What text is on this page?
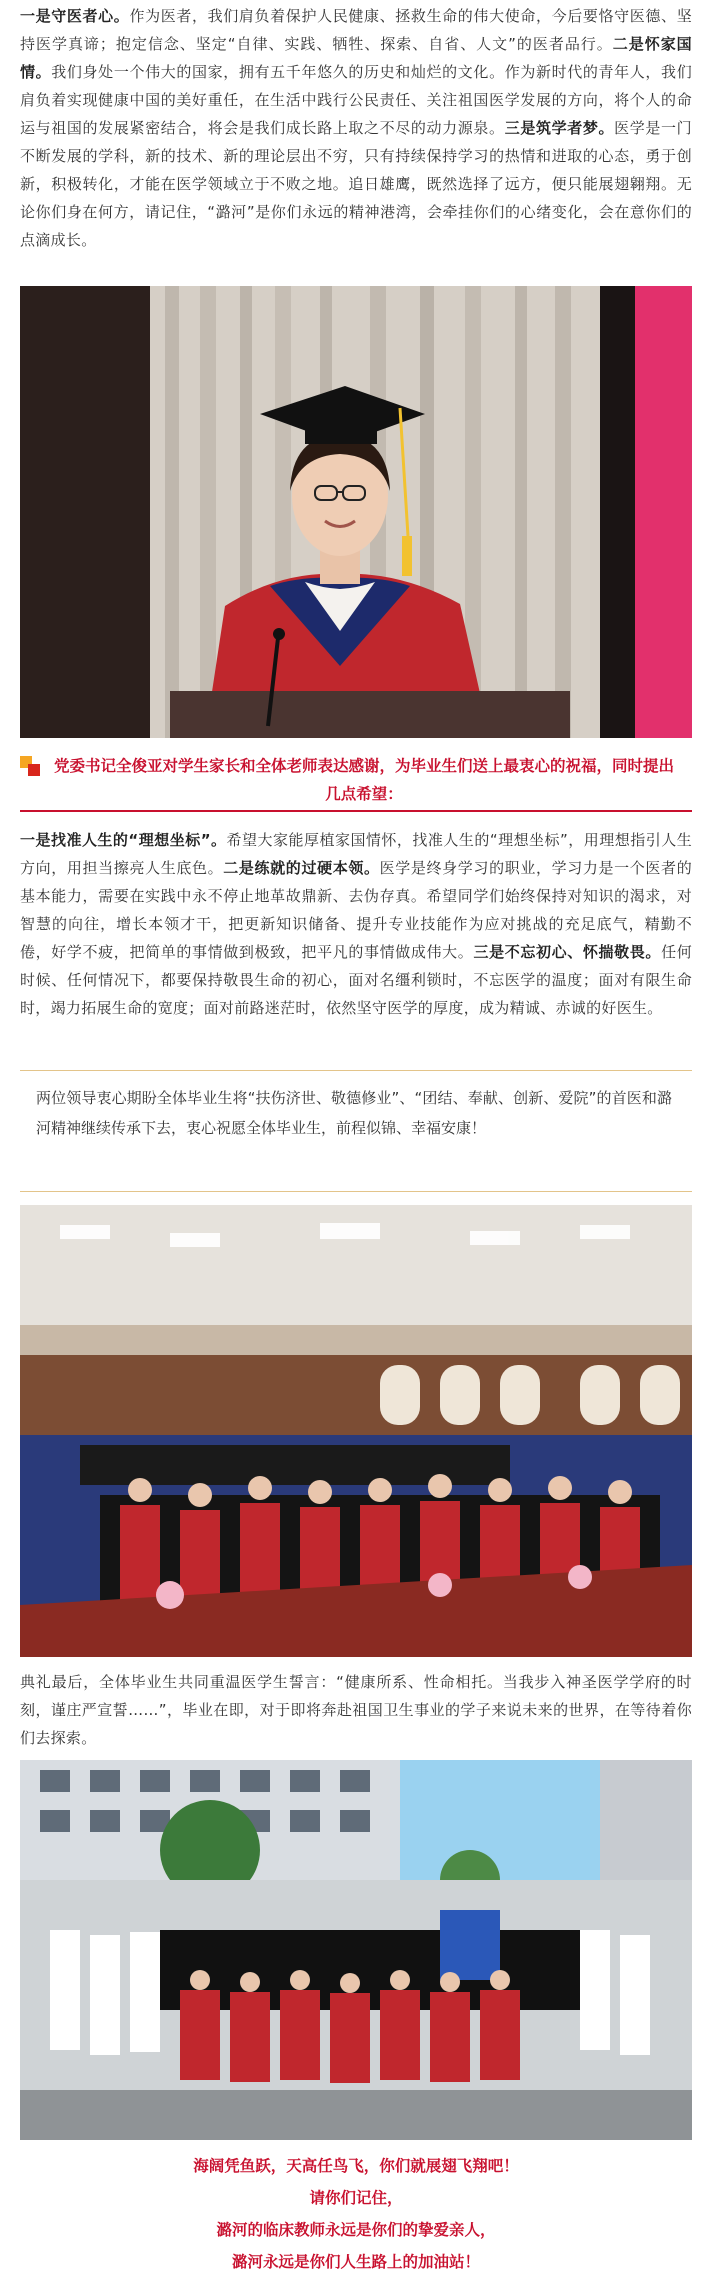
一是守医者心。作为医者，我们肩负着保护人民健康、拯救生命的伟大使命，今后要恪守医德、坚持医学真谛；抱定信念、坚定“自律、实践、牺牲、探索、自省、人文”的医者品行。二是怀家国情。我们身处一个伟大的国家，拥有五千年悠久的历史和灿烂的文化。作为新时代的青年人，我们肩负着实现健康中国的美好重任，在生活中践行公民责任、关注祖国医学发展的方向，将个人的命运与祖国的发展紧密结合，将会是我们成长路上取之不尽的动力源泉。三是筑学者梦。医学是一门不断发展的学科，新的技术、新的理论层出不穷，只有持续保持学习的热情和进取的心态，勇于创新，积极转化，才能在医学领域立于不败之地。追日雄鹰，既然选择了远方，便只能展翅翱翔。无论你们身在何方，请记住，“潞河”是你们永远的精神港湾，会牵挂你们的心绪变化，会在意你们的点滴成长。

党委书记全俊亚对学生家长和全体老师表达感谢，为毕业生们送上最衷心的祝福，同时提出几点希望：

一是找准人生的“理想坐标”。希望大家能厚植家国情怀，找准人生的“理想坐标”，用理想指引人生方向，用担当擦亮人生底色。二是练就的过硬本领。医学是终身学习的职业，学习力是一个医者的基本能力，需要在实践中永不停止地革故鼎新、去伪存真。希望同学们始终保持对知识的渴求，对智慧的向往，增长本领才干，把更新知识储备、提升专业技能作为应对挑战的充足底气，精勤不倦，好学不疲，把简单的事情做到极致，把平凡的事情做成伟大。三是不忘初心、怀揣敬畏。任何时候、任何情况下，都要保持敬畏生命的初心，面对名缰利锁时，不忘医学的温度；面对有限生命时，竭力拓展生命的宽度；面对前路迷茫时，依然坚守医学的厚度，成为精诚、赤诚的好医生。

两位领导衷心期盼全体毕业生将“扶伤济世、敬德修业”、“团结、奉献、创新、爱院”的首医和潞河精神继续传承下去，衷心祝愿全体毕业生，前程似锦、幸福安康！

典礼最后，全体毕业生共同重温医学生誓言：“健康所系、性命相托。当我步入神圣医学学府的时刻，谨庄严宣誓……”，毕业在即，对于即将奔赴祖国卫生事业的学子来说未来的世界，在等待着你们去探索。

海阔凭鱼跃，天高任鸟飞，你们就展翅飞翔吧！
请你们记住，
潞河的临床教师永远是你们的挚爱亲人，
潞河永远是你们人生路上的加油站！
